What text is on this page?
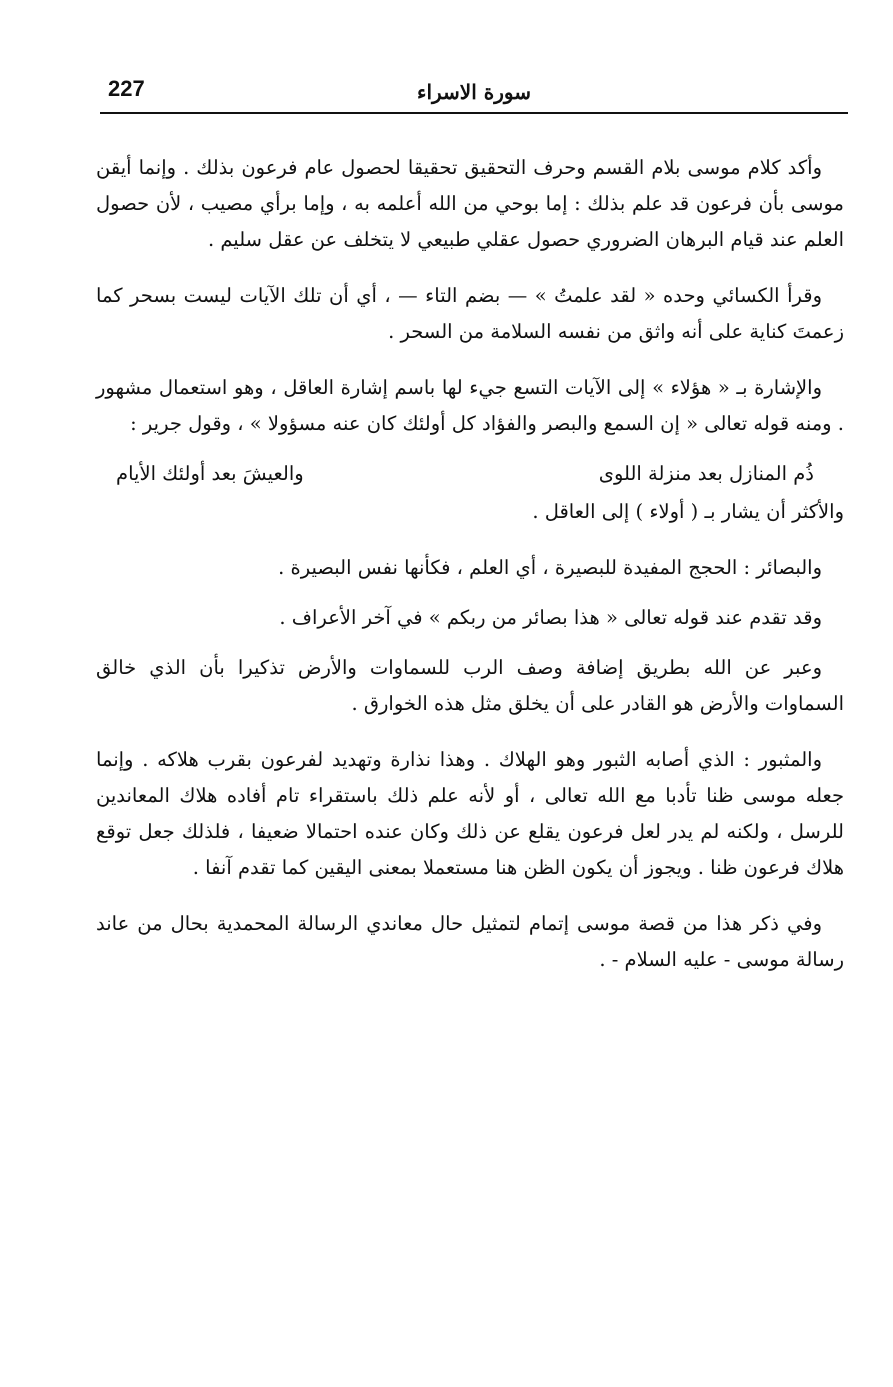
227	سورة الاسراء

وأكد كلام موسى بلام القسم وحرف التحقيق تحقيقا لحصول عام فرعون بذلك . وإنما أيقن موسى بأن فرعون قد علم بذلك : إما بوحي من الله أعلمه به ، وإما برأي مصيب ، لأن حصول العلم عند قيام البرهان الضروري حصول عقلي طبيعي لا يتخلف عن عقل سليم .

وقرأ الكسائي وحده « لقد علمتُ » — بضم التاء — ، أي أن تلك الآيات ليست بسحر كما زعمتَ كناية على أنه واثق من نفسه السلامة من السحر .

والإشارة بـ « هؤلاء » إلى الآيات التسع جيء لها باسم إشارة العاقل ، وهو استعمال مشهور . ومنه قوله تعالى « إن السمع والبصر والفؤاد كل أولئك كان عنه مسؤولا » ، وقول جرير :

ذُم المنازل بعد منزلة اللوى
والعيشَ بعد أولئك الأيام

والأكثر أن يشار بـ ( أولاء ) إلى العاقل .

والبصائر : الحجج المفيدة للبصيرة ، أي العلم ، فكأنها نفس البصيرة .

وقد تقدم عند قوله تعالى « هذا بصائر من ربكم » في آخر الأعراف .

وعبر عن الله بطريق إضافة وصف الرب للسماوات والأرض تذكيرا بأن الذي خالق السماوات والأرض هو القادر على أن يخلق مثل هذه الخوارق .

والمثبور : الذي أصابه الثبور وهو الهلاك . وهذا نذارة وتهديد لفرعون بقرب هلاكه . وإنما جعله موسى ظنا تأدبا مع الله تعالى ، أو لأنه علم ذلك باستقراء تام أفاده هلاك المعاندين للرسل ، ولكنه لم يدر لعل فرعون يقلع عن ذلك وكان عنده احتمالا ضعيفا ، فلذلك جعل توقع هلاك فرعون ظنا . ويجوز أن يكون الظن هنا مستعملا بمعنى اليقين كما تقدم آنفا .

وفي ذكر هذا من قصة موسى إتمام لتمثيل حال معاندي الرسالة المحمدية بحال من عاند رسالة موسى - عليه السلام - .
